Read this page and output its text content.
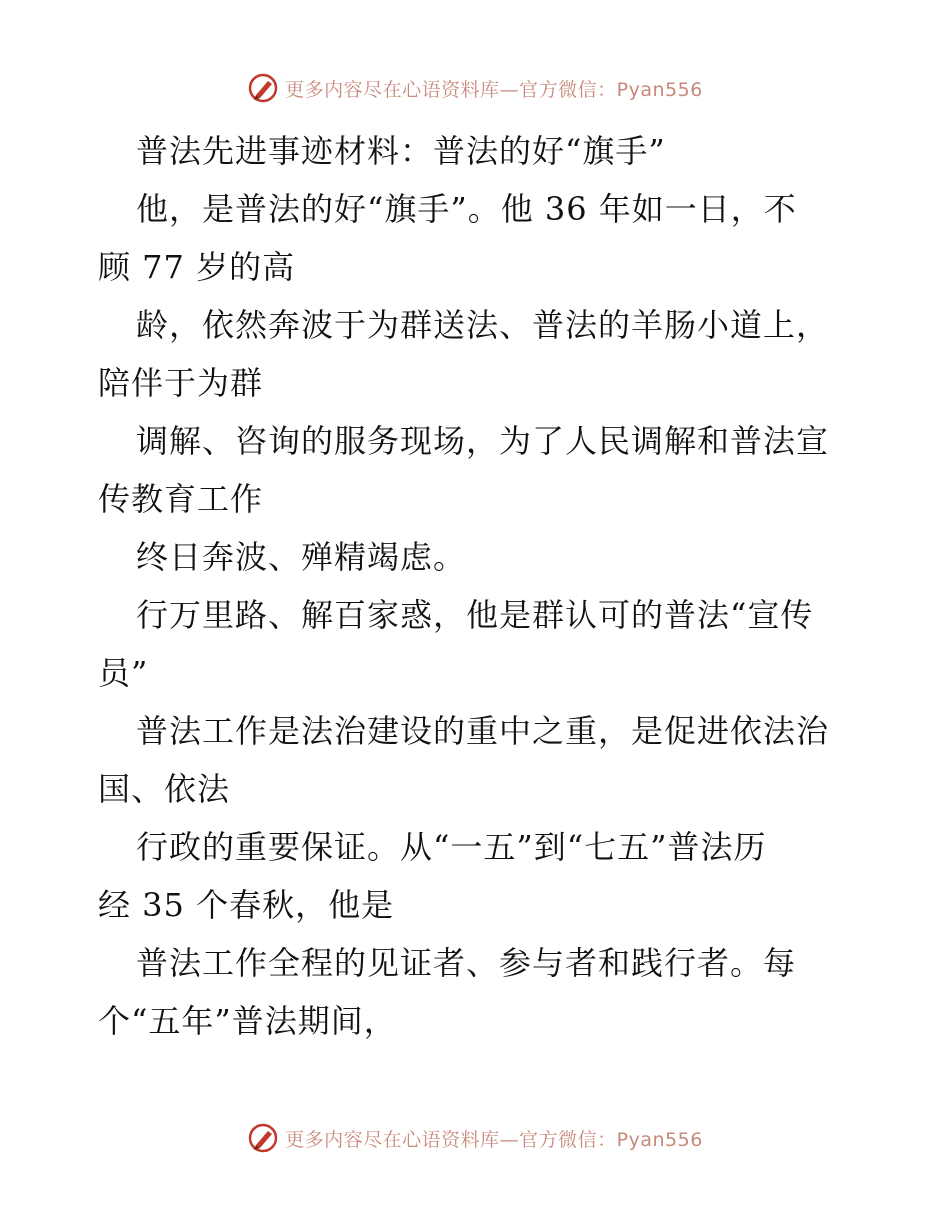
更多内容尽在心语资料库—官方微信：Pyan556
普法先进事迹材料：普法的好“旗手”
他，是普法的好“旗手”。他 36 年如一日，不
顾 77 岁的高
龄，依然奔波于为群送法、普法的羊肠小道上，
陪伴于为群
调解、咨询的服务现场，为了人民调解和普法宣
传教育工作
终日奔波、殚精竭虑。
行万里路、解百家惑，他是群认可的普法“宣传
员”
普法工作是法治建设的重中之重，是促进依法治
国、依法
行政的重要保证。从“一五”到“七五”普法历
经 35 个春秋，他是
普法工作全程的见证者、参与者和践行者。每
个“五年”普法期间，
更多内容尽在心语资料库—官方微信：Pyan556
